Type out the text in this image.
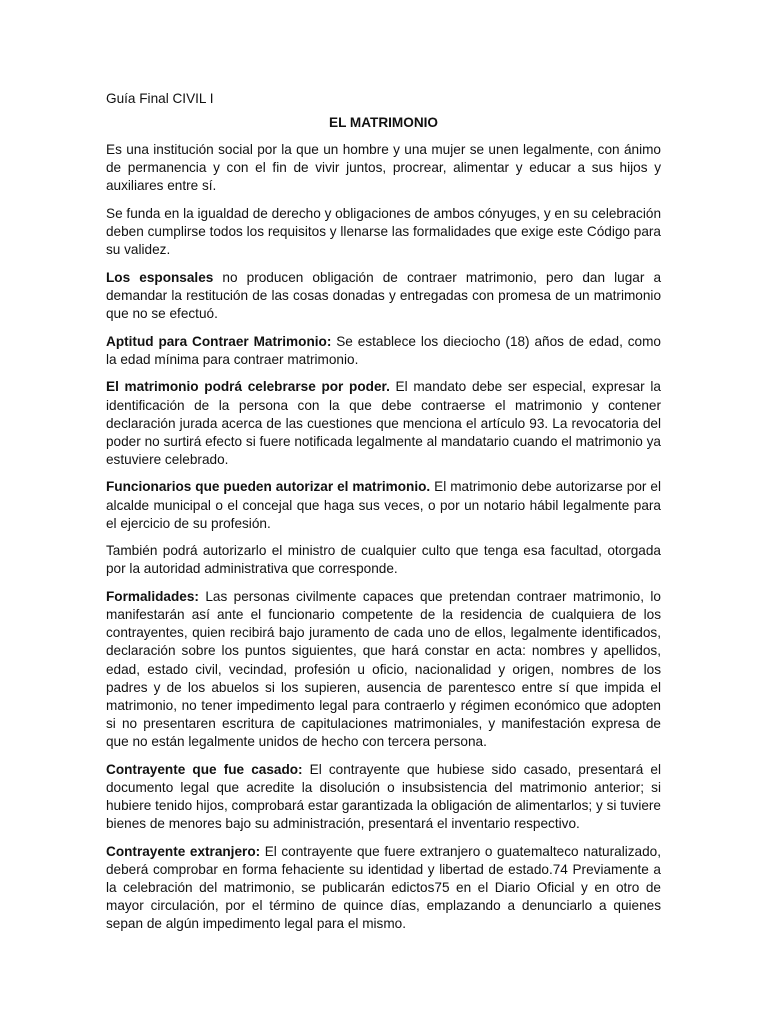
Guía Final CIVIL I
EL MATRIMONIO

Es una institución social por la que un hombre y una mujer se unen legalmente, con ánimo de permanencia y con el fin de vivir juntos, procrear, alimentar y educar a sus hijos y auxiliares entre sí.

Se funda en la igualdad de derecho y obligaciones de ambos cónyuges, y en su celebración deben cumplirse todos los requisitos y llenarse las formalidades que exige este Código para su validez.

Los esponsales no producen obligación de contraer matrimonio, pero dan lugar a demandar la restitución de las cosas donadas y entregadas con promesa de un matrimonio que no se efectuó.

Aptitud para Contraer Matrimonio: Se establece los dieciocho (18) años de edad, como la edad mínima para contraer matrimonio.

El matrimonio podrá celebrarse por poder. El mandato debe ser especial, expresar la identificación de la persona con la que debe contraerse el matrimonio y contener declaración jurada acerca de las cuestiones que menciona el artículo 93. La revocatoria del poder no surtirá efecto si fuere notificada legalmente al mandatario cuando el matrimonio ya estuviere celebrado.

Funcionarios que pueden autorizar el matrimonio. El matrimonio debe autorizarse por el alcalde municipal o el concejal que haga sus veces, o por un notario hábil legalmente para el ejercicio de su profesión.

También podrá autorizarlo el ministro de cualquier culto que tenga esa facultad, otorgada por la autoridad administrativa que corresponde.

Formalidades: Las personas civilmente capaces que pretendan contraer matrimonio, lo manifestarán así ante el funcionario competente de la residencia de cualquiera de los contrayentes, quien recibirá bajo juramento de cada uno de ellos, legalmente identificados, declaración sobre los puntos siguientes, que hará constar en acta: nombres y apellidos, edad, estado civil, vecindad, profesión u oficio, nacionalidad y origen, nombres de los padres y de los abuelos si los supieren, ausencia de parentesco entre sí que impida el matrimonio, no tener impedimento legal para contraerlo y régimen económico que adopten si no presentaren escritura de capitulaciones matrimoniales, y manifestación expresa de que no están legalmente unidos de hecho con tercera persona.

Contrayente que fue casado: El contrayente que hubiese sido casado, presentará el documento legal que acredite la disolución o insubsistencia del matrimonio anterior; si hubiere tenido hijos, comprobará estar garantizada la obligación de alimentarlos; y si tuviere bienes de menores bajo su administración, presentará el inventario respectivo.

Contrayente extranjero: El contrayente que fuere extranjero o guatemalteco naturalizado, deberá comprobar en forma fehaciente su identidad y libertad de estado.74 Previamente a la celebración del matrimonio, se publicarán edictos75 en el Diario Oficial y en otro de mayor circulación, por el término de quince días, emplazando a denunciarlo a quienes sepan de algún impedimento legal para el mismo.
